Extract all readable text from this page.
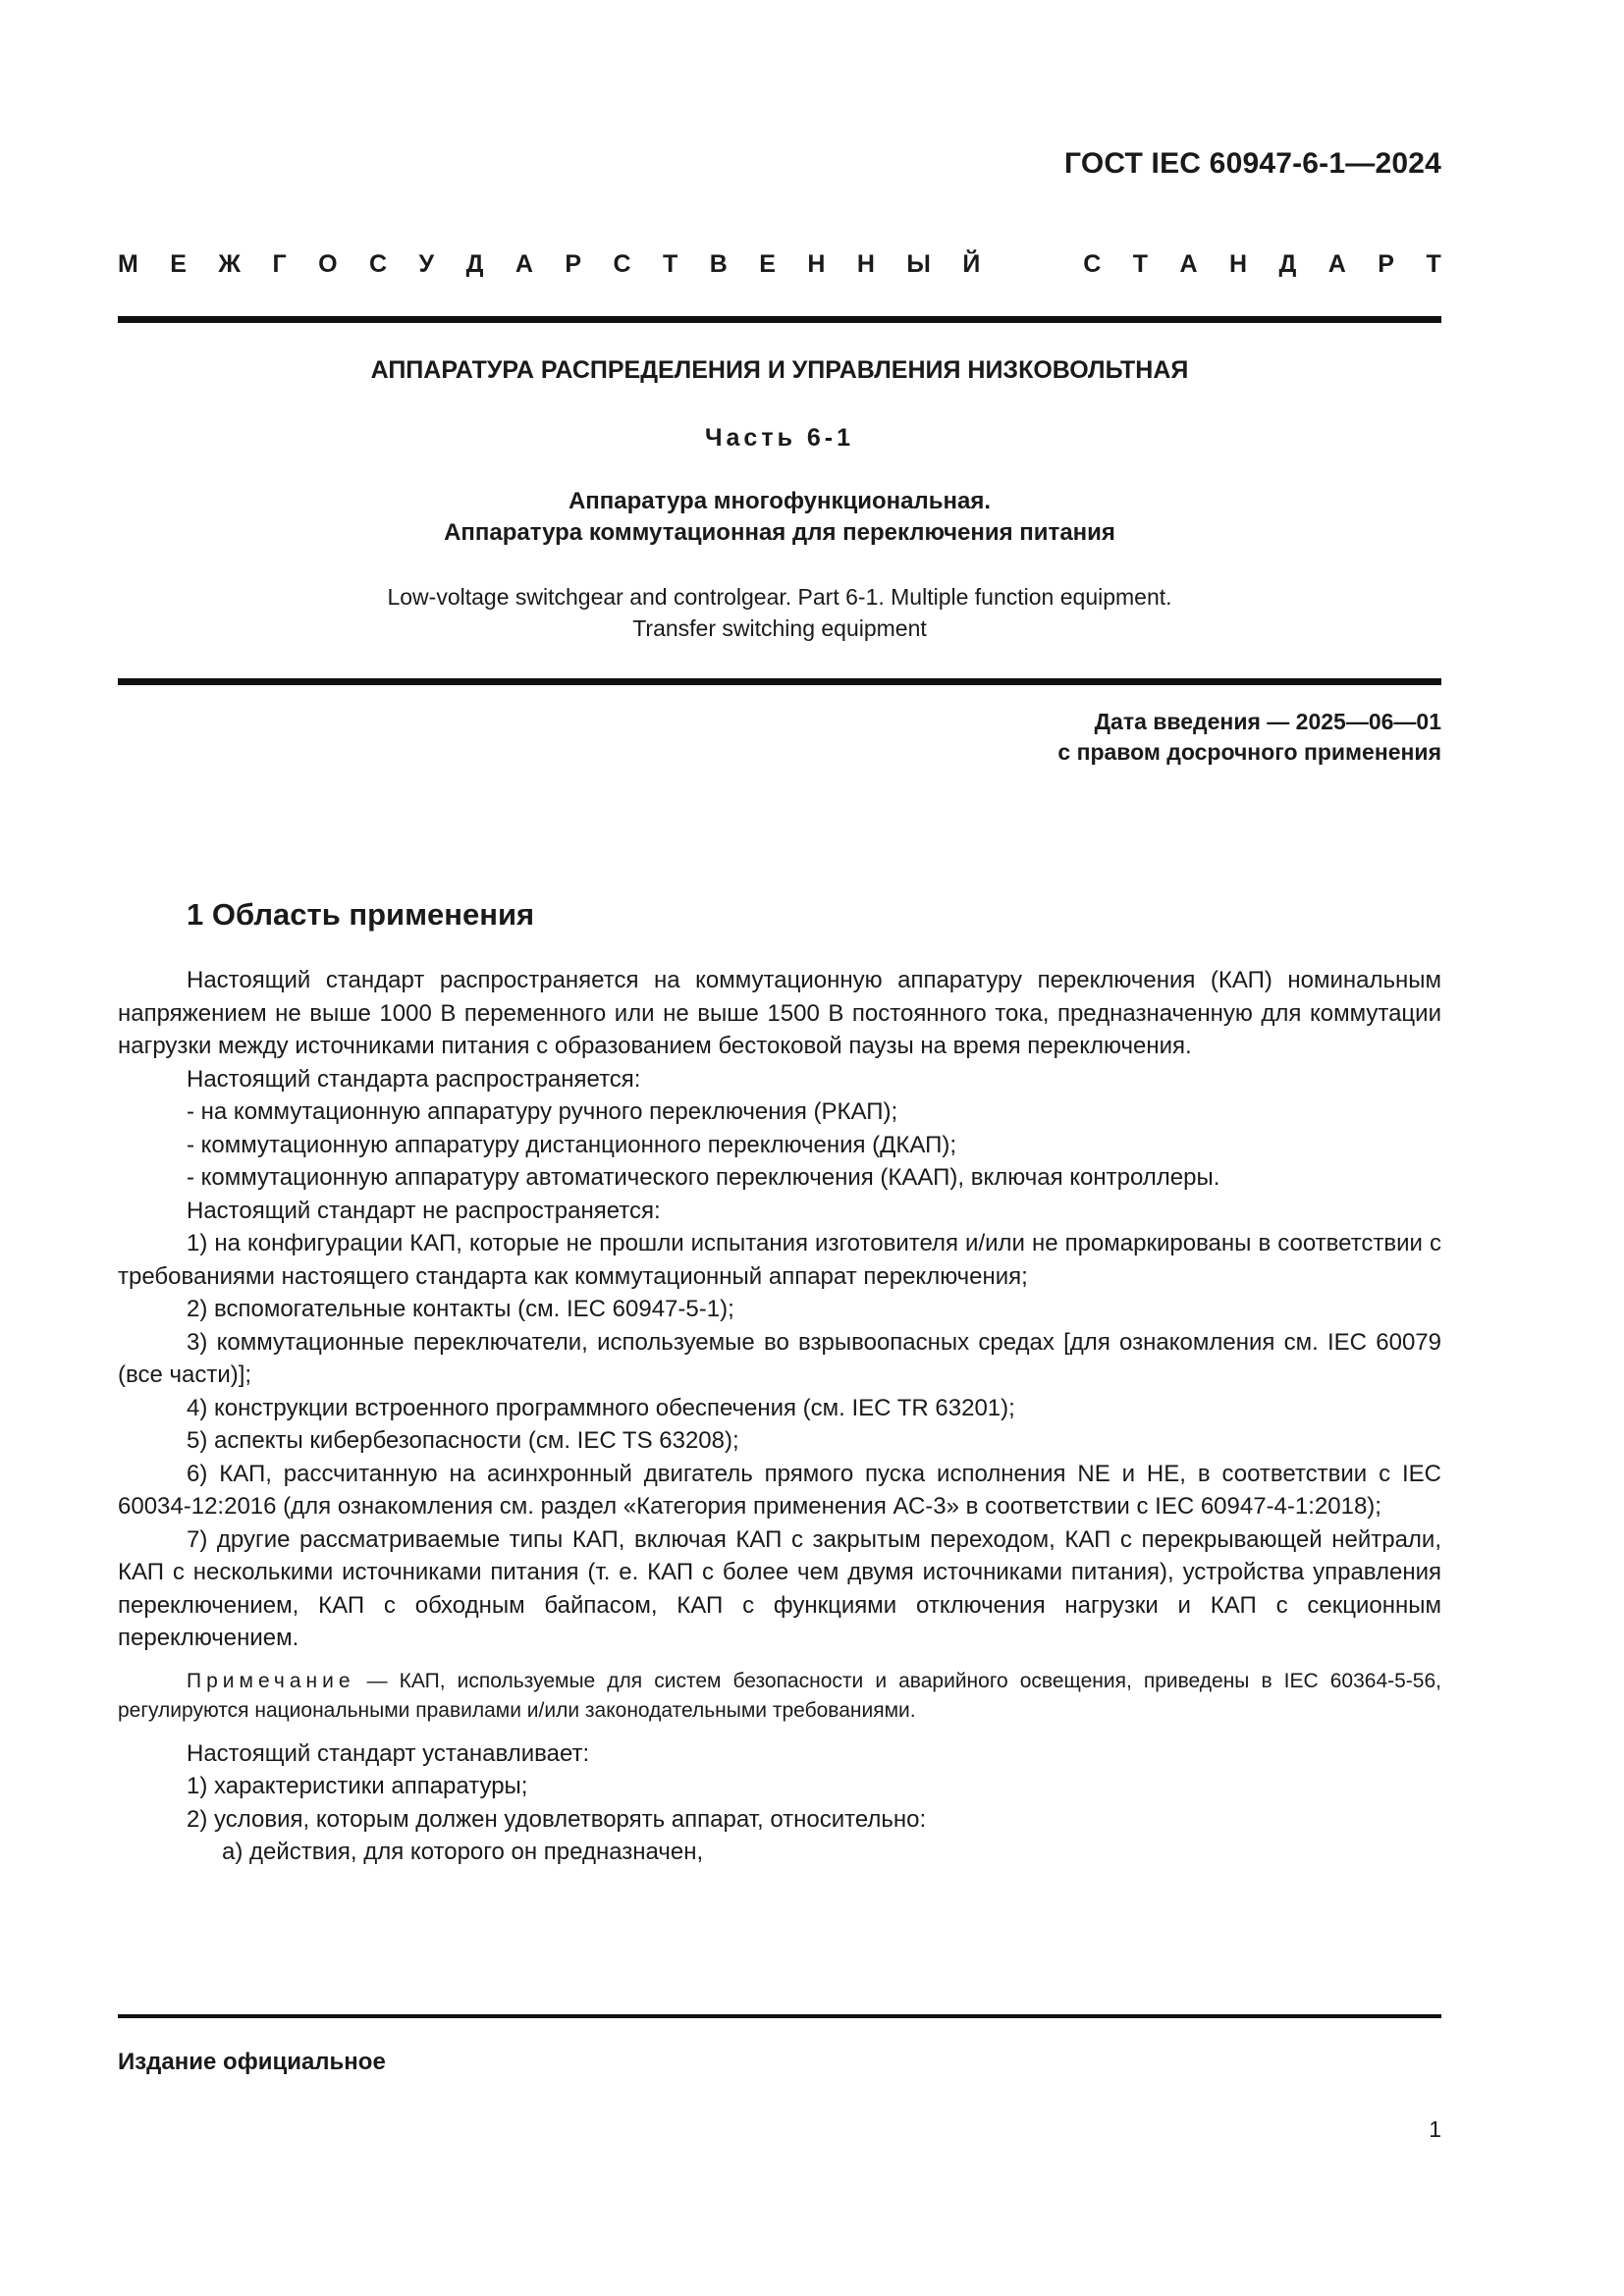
ГОСТ IEC 60947-6-1—2024
М Е Ж Г О С У Д А Р С Т В Е Н Н Ы Й	С Т А Н Д А Р Т
АППАРАТУРА РАСПРЕДЕЛЕНИЯ И УПРАВЛЕНИЯ НИЗКОВОЛЬТНАЯ
Часть 6-1
Аппаратура многофункциональная.
Аппаратура коммутационная для переключения питания
Low-voltage switchgear and controlgear. Part 6-1. Multiple function equipment.
Transfer switching equipment
Дата введения — 2025—06—01
с правом досрочного применения
1 Область применения

Настоящий стандарт распространяется на коммутационную аппаратуру переключения (КАП) номинальным напряжением не выше 1000 В переменного или не выше 1500 В постоянного тока, предназначенную для коммутации нагрузки между источниками питания с образованием бестоковой паузы на время переключения.

Настоящий стандарта распространяется:

- на коммутационную аппаратуру ручного переключения (РКАП);

- коммутационную аппаратуру дистанционного переключения (ДКАП);

- коммутационную аппаратуру автоматического переключения (КААП), включая контроллеры.

Настоящий стандарт не распространяется:

1) на конфигурации КАП, которые не прошли испытания изготовителя и/или не промаркированы в соответствии с требованиями настоящего стандарта как коммутационный аппарат переключения;

2) вспомогательные контакты (см. IEC 60947-5-1);

3) коммутационные переключатели, используемые во взрывоопасных средах [для ознакомления см. IEC 60079 (все части)];

4) конструкции встроенного программного обеспечения (см. IEC TR 63201);

5) аспекты кибербезопасности (см. IEC TS 63208);

6) КАП, рассчитанную на асинхронный двигатель прямого пуска исполнения NE и HE, в соответствии с IEC 60034-12:2016 (для ознакомления см. раздел «Категория применения АС-3» в соответствии с IEC 60947-4-1:2018);

7) другие рассматриваемые типы КАП, включая КАП с закрытым переходом, КАП с перекрывающей нейтрали, КАП с несколькими источниками питания (т. е. КАП с более чем двумя источниками питания), устройства управления переключением, КАП с обходным байпасом, КАП с функциями отключения нагрузки и КАП с секционным переключением.

Примечание — КАП, используемые для систем безопасности и аварийного освещения, приведены в IEC 60364-5-56, регулируются национальными правилами и/или законодательными требованиями.

Настоящий стандарт устанавливает:

1) характеристики аппаратуры;

2) условия, которым должен удовлетворять аппарат, относительно:

а) действия, для которого он предназначен,

Издание официальное
1
